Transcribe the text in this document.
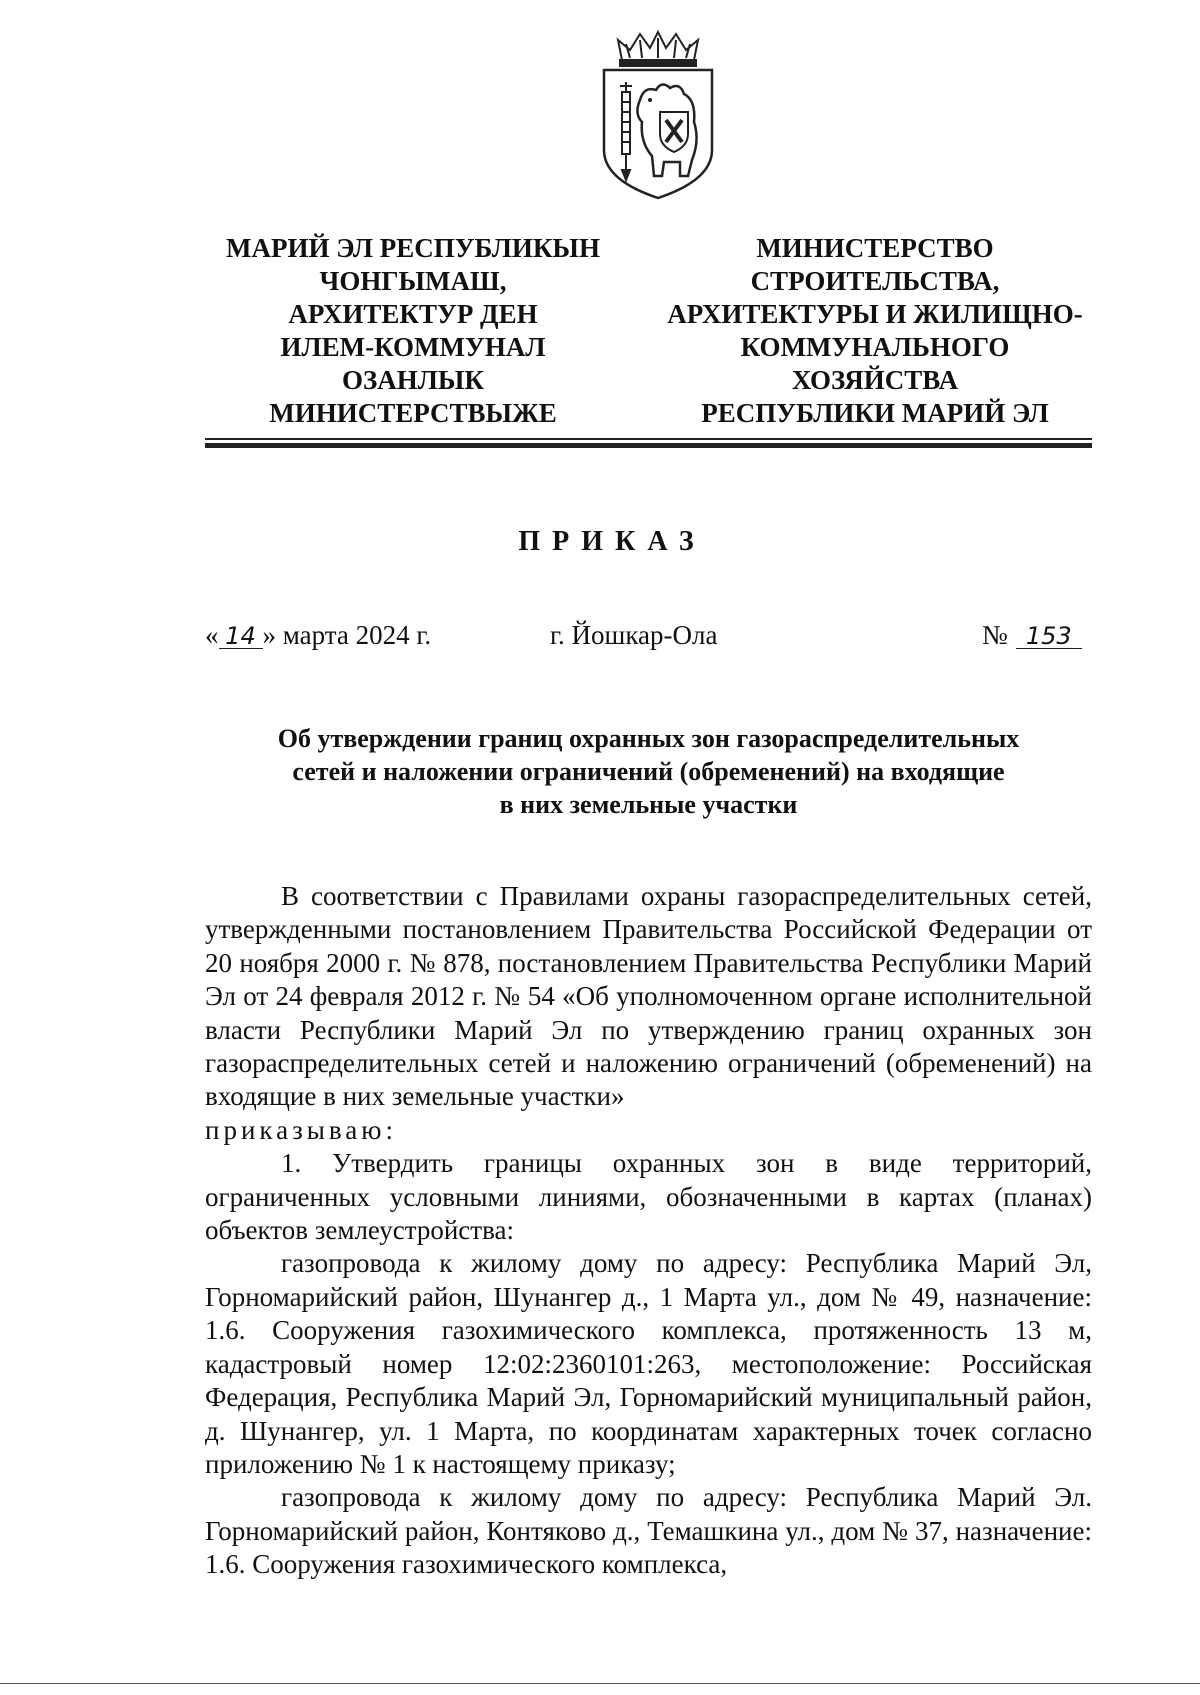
МАРИЙ ЭЛ РЕСПУБЛИКЫН
ЧОНГЫМАШ,
АРХИТЕКТУР ДЕН
ИЛЕМ-КОММУНАЛ
ОЗАНЛЫК
МИНИСТЕРСТВЫЖЕ
МИНИСТЕРСТВО
СТРОИТЕЛЬСТВА,
АРХИТЕКТУРЫ И ЖИЛИЩНО-
КОММУНАЛЬНОГО
ХОЗЯЙСТВА
РЕСПУБЛИКИ МАРИЙ ЭЛ
ПРИКАЗ
« 14 » марта 2024 г.	г. Йошкар-Ола	№ 153
Об утверждении границ охранных зон газораспределительных
сетей и наложении ограничений (обременений) на входящие
в них земельные участки

В соответствии с Правилами охраны газораспределительных сетей, утвержденными постановлением Правительства Российской Федерации от 20 ноября 2000 г. № 878, постановлением Правительства Республики Марий Эл от 24 февраля 2012 г. № 54 «Об уполномоченном органе исполнительной власти Республики Марий Эл по утверждению границ охранных зон газораспределительных сетей и наложению ограничений (обременений) на входящие в них земельные участки»

приказываю:

1. Утвердить границы охранных зон в виде территорий, ограниченных условными линиями, обозначенными в картах (планах) объектов землеустройства:

газопровода к жилому дому по адресу: Республика Марий Эл, Горномарийский район, Шунангер д., 1 Марта ул., дом № 49, назначение: 1.6. Сооружения газохимического комплекса, протяженность 13 м, кадастровый номер 12:02:2360101:263, местоположение: Российская Федерация, Республика Марий Эл, Горномарийский муниципальный район, д. Шунангер, ул. 1 Марта, по координатам характерных точек согласно приложению № 1 к настоящему приказу;

газопровода к жилому дому по адресу: Республика Марий Эл. Горномарийский район, Контяково д., Темашкина ул., дом № 37, назначение: 1.6. Сооружения газохимического комплекса,
